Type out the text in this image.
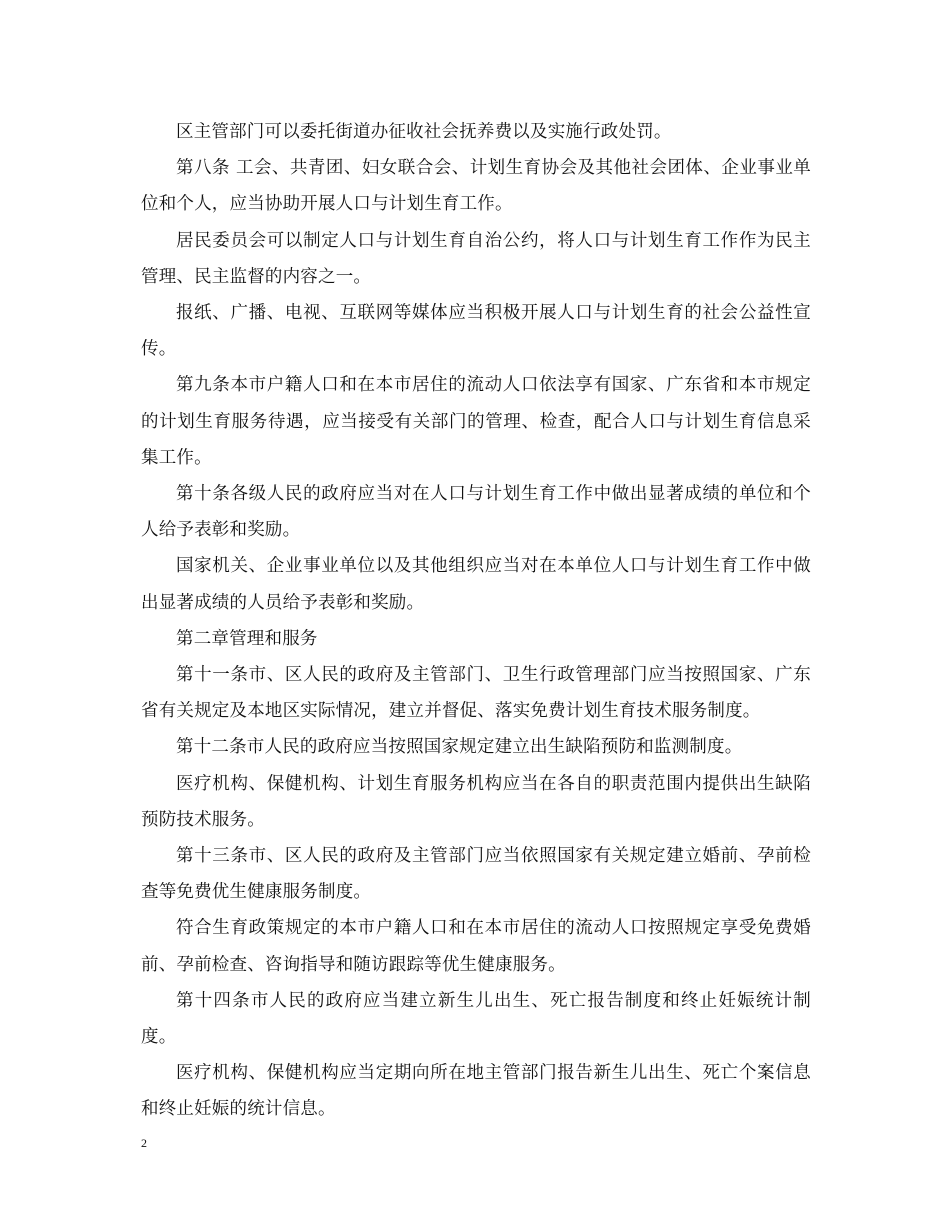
区主管部门可以委托街道办征收社会抚养费以及实施行政处罚。

第八条 工会、共青团、妇女联合会、计划生育协会及其他社会团体、企业事业单位和个人，应当协助开展人口与计划生育工作。

居民委员会可以制定人口与计划生育自治公约，将人口与计划生育工作作为民主管理、民主监督的内容之一。

报纸、广播、电视、互联网等媒体应当积极开展人口与计划生育的社会公益性宣传。

第九条本市户籍人口和在本市居住的流动人口依法享有国家、广东省和本市规定的计划生育服务待遇，应当接受有关部门的管理、检查，配合人口与计划生育信息采集工作。

第十条各级人民的政府应当对在人口与计划生育工作中做出显著成绩的单位和个人给予表彰和奖励。

国家机关、企业事业单位以及其他组织应当对在本单位人口与计划生育工作中做出显著成绩的人员给予表彰和奖励。

第二章管理和服务

第十一条市、区人民的政府及主管部门、卫生行政管理部门应当按照国家、广东省有关规定及本地区实际情况，建立并督促、落实免费计划生育技术服务制度。

第十二条市人民的政府应当按照国家规定建立出生缺陷预防和监测制度。

医疗机构、保健机构、计划生育服务机构应当在各自的职责范围内提供出生缺陷预防技术服务。

第十三条市、区人民的政府及主管部门应当依照国家有关规定建立婚前、孕前检查等免费优生健康服务制度。

符合生育政策规定的本市户籍人口和在本市居住的流动人口按照规定享受免费婚前、孕前检查、咨询指导和随访跟踪等优生健康服务。

第十四条市人民的政府应当建立新生儿出生、死亡报告制度和终止妊娠统计制度。

医疗机构、保健机构应当定期向所在地主管部门报告新生儿出生、死亡个案信息和终止妊娠的统计信息。

2
